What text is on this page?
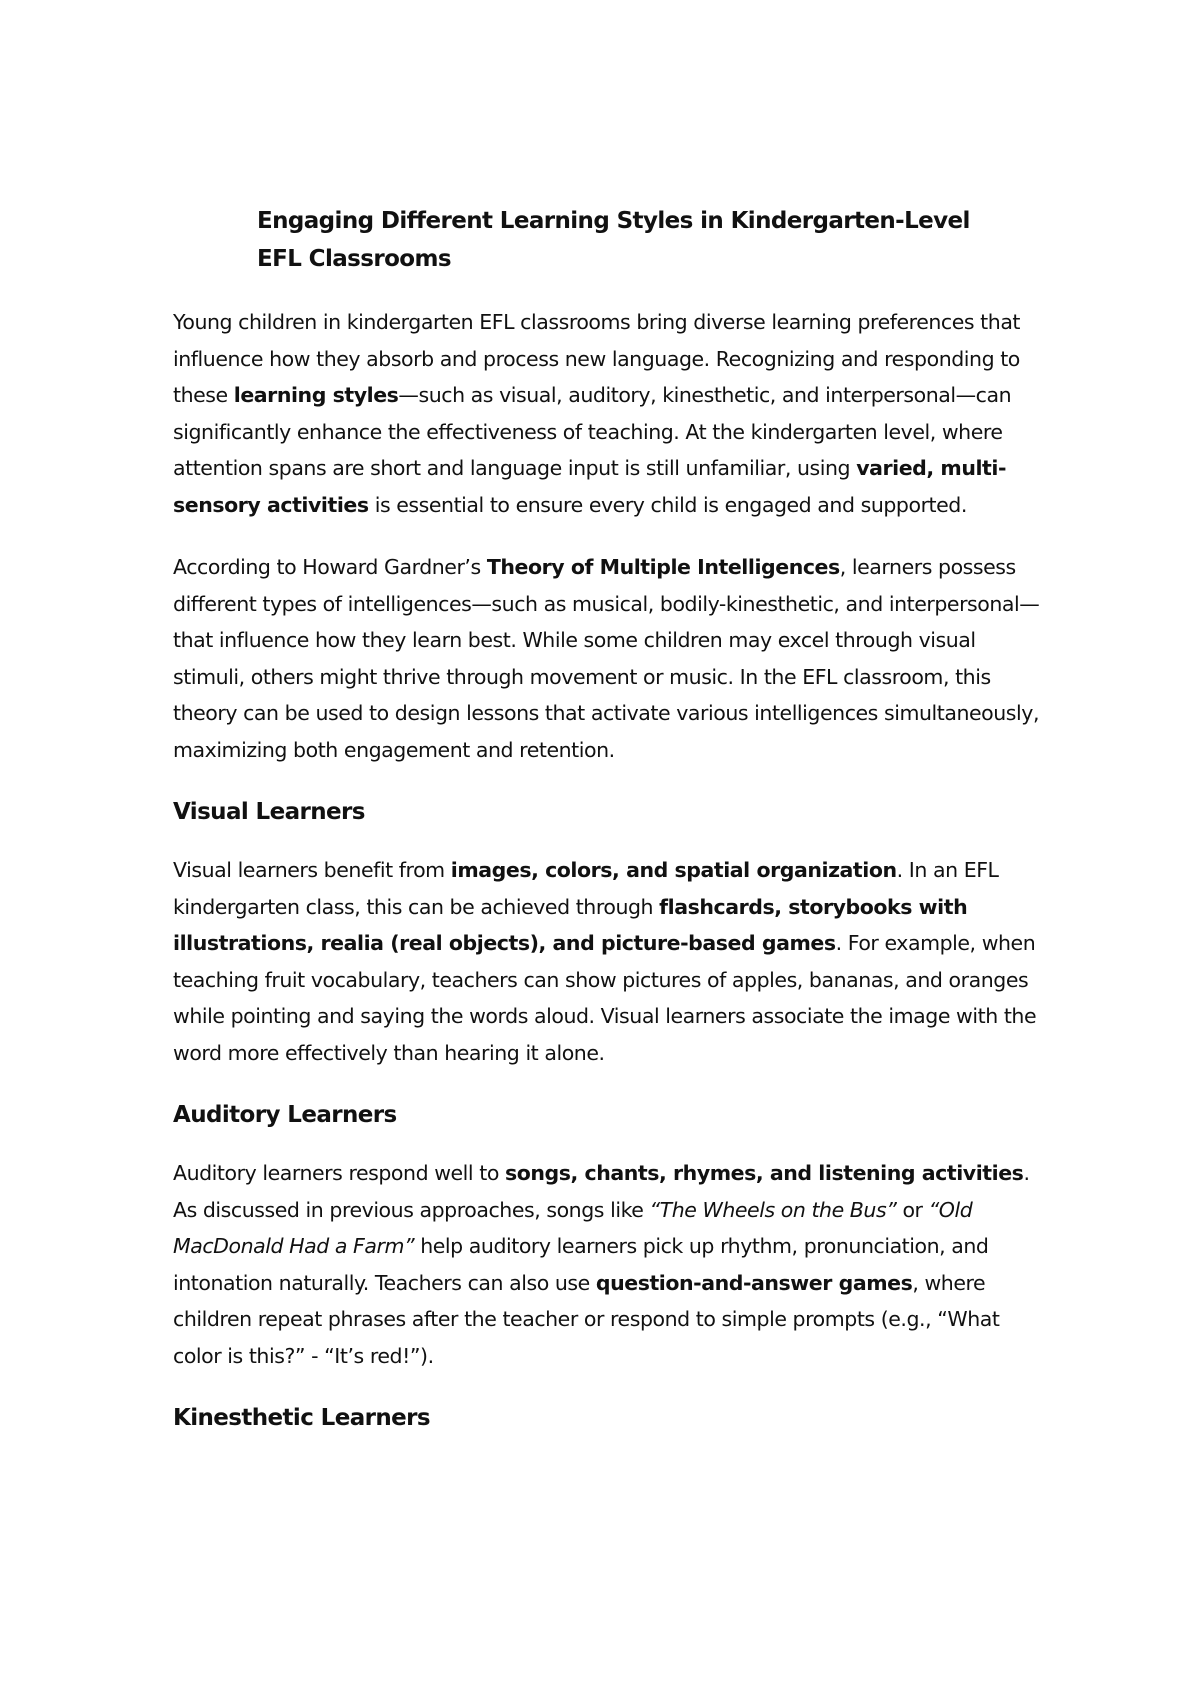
Engaging Different Learning Styles in Kindergarten-Level EFL Classrooms

Young children in kindergarten EFL classrooms bring diverse learning preferences that influence how they absorb and process new language. Recognizing and responding to these learning styles—such as visual, auditory, kinesthetic, and interpersonal—can significantly enhance the effectiveness of teaching. At the kindergarten level, where attention spans are short and language input is still unfamiliar, using varied, multi-sensory activities is essential to ensure every child is engaged and supported.

According to Howard Gardner’s Theory of Multiple Intelligences, learners possess different types of intelligences—such as musical, bodily-kinesthetic, and interpersonal—that influence how they learn best. While some children may excel through visual stimuli, others might thrive through movement or music. In the EFL classroom, this theory can be used to design lessons that activate various intelligences simultaneously, maximizing both engagement and retention.

Visual Learners

Visual learners benefit from images, colors, and spatial organization. In an EFL kindergarten class, this can be achieved through flashcards, storybooks with illustrations, realia (real objects), and picture-based games. For example, when teaching fruit vocabulary, teachers can show pictures of apples, bananas, and oranges while pointing and saying the words aloud. Visual learners associate the image with the word more effectively than hearing it alone.

Auditory Learners

Auditory learners respond well to songs, chants, rhymes, and listening activities. As discussed in previous approaches, songs like “The Wheels on the Bus” or “Old MacDonald Had a Farm” help auditory learners pick up rhythm, pronunciation, and intonation naturally. Teachers can also use question-and-answer games, where children repeat phrases after the teacher or respond to simple prompts (e.g., “What color is this?” - “It’s red!”).

Kinesthetic Learners
